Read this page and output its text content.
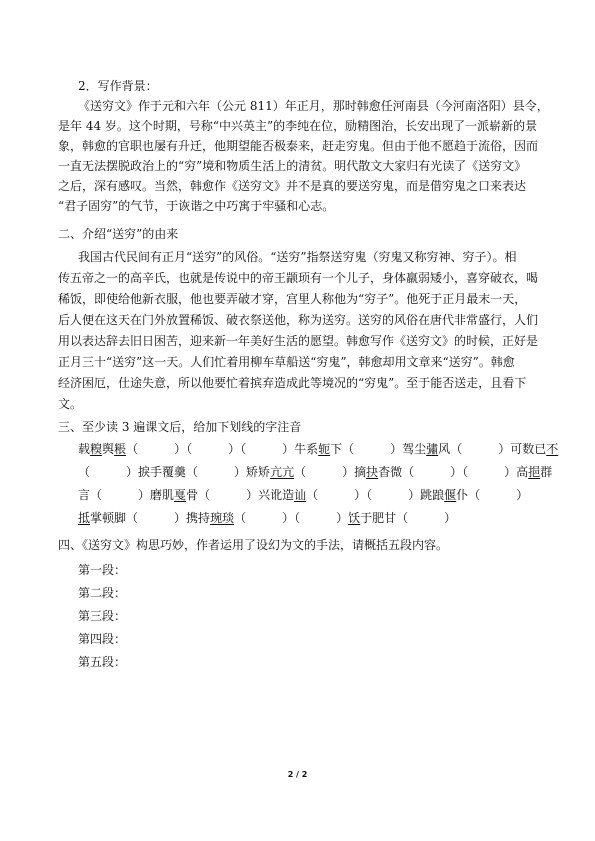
2．写作背景：
《送穷文》作于元和六年（公元 811）年正月，那时韩愈任河南县（今河南洛阳）县令，
是年 44 岁。这个时期，号称“中兴英主”的李纯在位，励精图治，长安出现了一派崭新的景
象，韩愈的官职也屡有升迁，他期望能否极泰来，赶走穷鬼。但由于他不愿趋于流俗，因而
一直无法摆脱政治上的“穷”境和物质生活上的清贫。明代散文大家归有光读了《送穷文》
之后，深有感叹。当然，韩愈作《送穷文》并不是真的要送穷鬼，而是借穷鬼之口来表达
“君子固穷”的气节，于诙谐之中巧寓于牢骚和心志。
二、介绍“送穷”的由来
我国古代民间有正月“送穷”的风俗。“送穷”指祭送穷鬼（穷鬼又称穷神、穷子）。相
传五帝之一的高辛氏，也就是传说中的帝王颛顼有一个儿子，身体羸弱矮小，喜穿破衣，喝
稀饭，即使给他新衣服，他也要弄破才穿，宫里人称他为“穷子”。他死于正月最末一天，
后人便在这天在门外放置稀饭、破衣祭送他，称为送穷。送穷的风俗在唐代非常盛行，人们
用以表达辞去旧日困苦，迎来新一年美好生活的愿望。韩愈写作《送穷文》的时候，正好是
正月三十“送穷”这一天。人们忙着用柳车草船送“穷鬼”，韩愈却用文章来“送穷”。韩愈
经济困厄，仕途失意，所以他要忙着摈弃造成此等境况的“穷鬼”。至于能否送走，且看下
文。
三、至少读 3 遍课文后，给加下划线的字注音
载糗舆粻（　　　）（　　　）（　　　）牛系轭下（　　　）驾尘彇风（　　　）可数已不
（　　　）捩手覆羹（　　　）矫矫亢亢（　　　）摘抉杳微（　　　）（　　　）高挹群
言（　　　）磨肌戛骨（　　　）兴讹造讪（　　　）（　　　）跳踉偃仆（　　　）
抵掌顿脚（　　　）携持琬琰（　　　）（　　　）饫于肥甘（　　　）
四、《送穷文》构思巧妙，作者运用了设幻为文的手法，请概括五段内容。
第一段：
第二段：
第三段：
第四段：
第五段：
2 / 2
